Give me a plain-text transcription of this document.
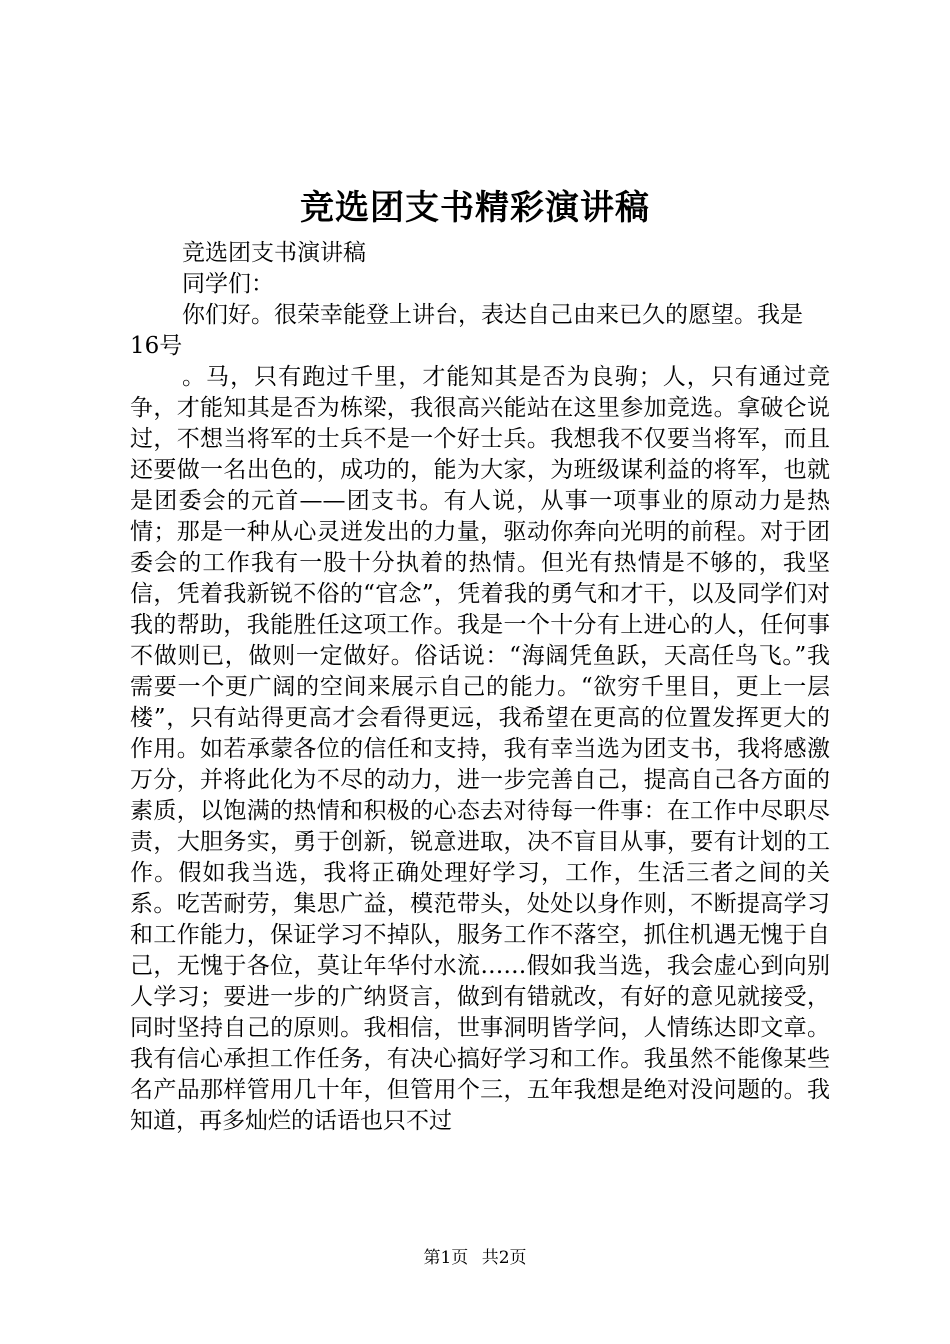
竞选团支书精彩演讲稿

竞选团支书演讲稿

同学们：

你们好。很荣幸能登上讲台，表达自己由来已久的愿望。我是16号

。马，只有跑过千里，才能知其是否为良驹；人，只有通过竞争，才能知其是否为栋梁，我很高兴能站在这里参加竞选。拿破仑说过，不想当将军的士兵不是一个好士兵。我想我不仅要当将军，而且还要做一名出色的，成功的，能为大家，为班级谋利益的将军，也就是团委会的元首——团支书。有人说，从事一项事业的原动力是热情；那是一种从心灵迸发出的力量，驱动你奔向光明的前程。对于团委会的工作我有一股十分执着的热情。但光有热情是不够的，我坚信，凭着我新锐不俗的“官念”，凭着我的勇气和才干，以及同学们对我的帮助，我能胜任这项工作。我是一个十分有上进心的人，任何事不做则已，做则一定做好。俗话说：“海阔凭鱼跃，天高任鸟飞。”我需要一个更广阔的空间来展示自己的能力。“欲穷千里目，更上一层楼”，只有站得更高才会看得更远，我希望在更高的位置发挥更大的作用。如若承蒙各位的信任和支持，我有幸当选为团支书，我将感激万分，并将此化为不尽的动力，进一步完善自己，提高自己各方面的素质，以饱满的热情和积极的心态去对待每一件事：在工作中尽职尽责，大胆务实，勇于创新，锐意进取，决不盲目从事，要有计划的工作。假如我当选，我将正确处理好学习，工作，生活三者之间的关系。吃苦耐劳，集思广益，模范带头，处处以身作则，不断提高学习和工作能力，保证学习不掉队，服务工作不落空，抓住机遇无愧于自己，无愧于各位，莫让年华付水流……假如我当选，我会虚心到向别人学习；要进一步的广纳贤言，做到有错就改，有好的意见就接受，同时坚持自己的原则。我相信，世事洞明皆学问，人情练达即文章。我有信心承担工作任务，有决心搞好学习和工作。我虽然不能像某些名产品那样管用几十年，但管用个三，五年我想是绝对没问题的。我知道，再多灿烂的话语也只不过

第1页 共2页
